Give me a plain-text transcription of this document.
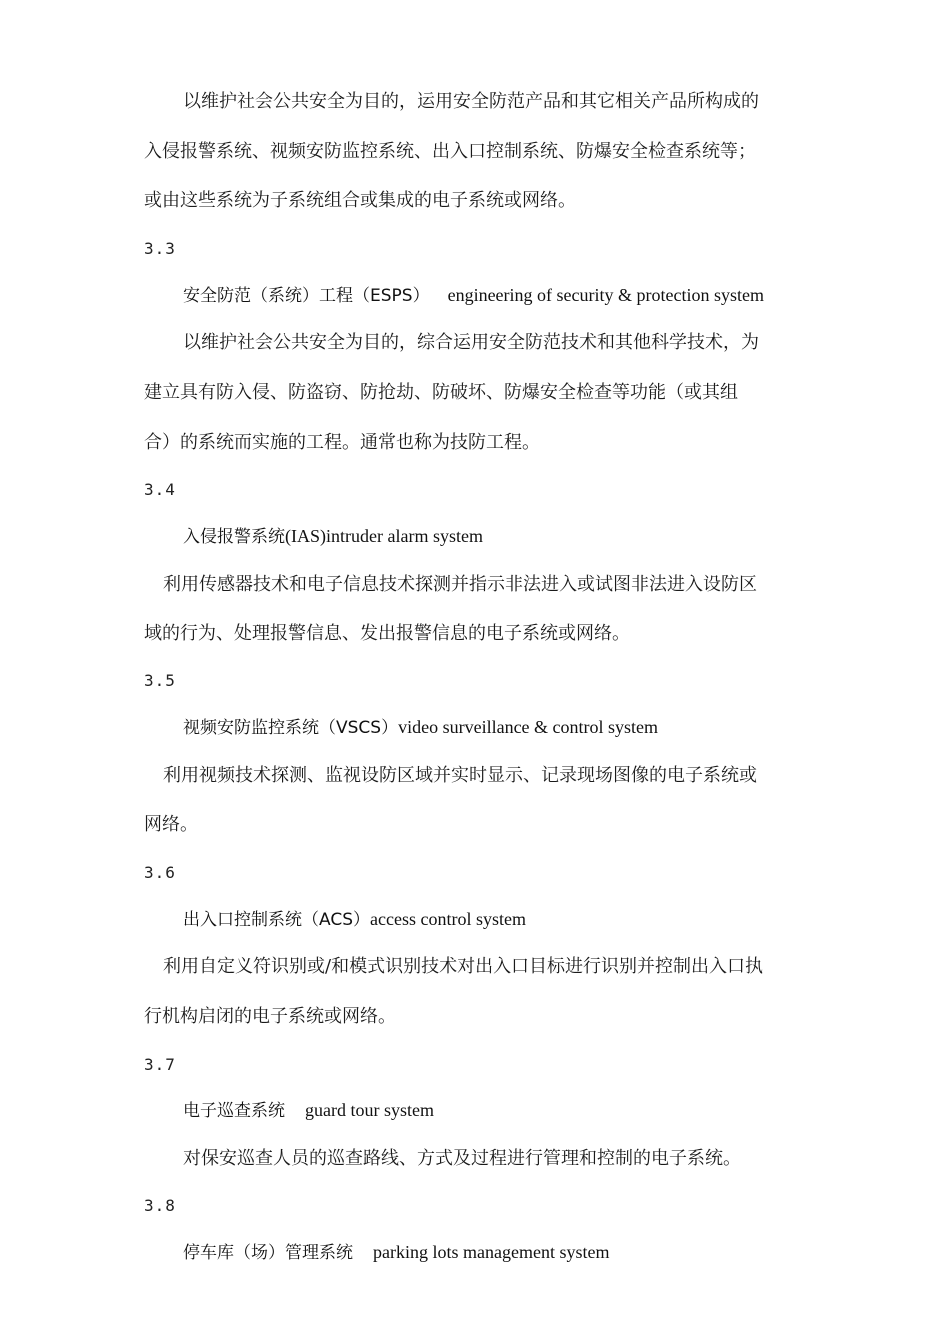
以维护社会公共安全为目的，运用安全防范产品和其它相关产品所构成的
入侵报警系统、视频安防监控系统、出入口控制系统、防爆安全检查系统等；
或由这些系统为子系统组合或集成的电子系统或网络。
3.3
安全防范（系统）工程（ESPS） engineering of security & protection system
以维护社会公共安全为目的，综合运用安全防范技术和其他科学技术，为
建立具有防入侵、防盗窃、防抢劫、防破坏、防爆安全检查等功能（或其组
合）的系统而实施的工程。通常也称为技防工程。
3.4
入侵报警系统(IAS)intruder alarm system
利用传感器技术和电子信息技术探测并指示非法进入或试图非法进入设防区
域的行为、处理报警信息、发出报警信息的电子系统或网络。
3.5
视频安防监控系统（VSCS）video surveillance & control system
利用视频技术探测、监视设防区域并实时显示、记录现场图像的电子系统或
网络。
3.6
出入口控制系统（ACS）access control system
利用自定义符识别或/和模式识别技术对出入口目标进行识别并控制出入口执
行机构启闭的电子系统或网络。
3.7
电子巡查系统 guard tour system
对保安巡查人员的巡查路线、方式及过程进行管理和控制的电子系统。
3.8
停车库（场）管理系统 parking lots management system
